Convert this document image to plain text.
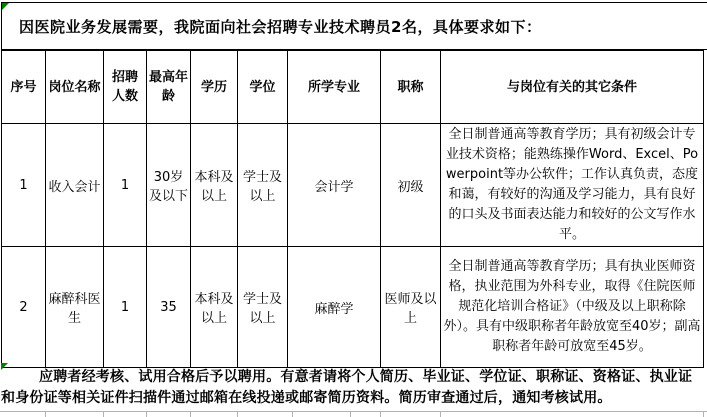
因医院业务发展需要，我院面向社会招聘专业技术聘员2名，具体要求如下：
序号	岗位名称	招聘人数	最高年龄	学历	学位	所学专业	职称	与岗位有关的其它条件
1	收入会计	1	30岁及以下	本科及以上	学士及以上	会计学	初级	全日制普通高等教育学历；具有初级会计专业技术资格；能熟练操作Word、Excel、Powerpoint等办公软件；工作认真负责，态度和蔼，有较好的沟通及学习能力，具有良好的口头及书面表达能力和较好的公文写作水平。
2	麻醉科医生	1	35	本科及以上	学士及以上	麻醉学	医师及以上	全日制普通高等教育学历；具有执业医师资格，执业范围为外科专业，取得《住院医师规范化培训合格证》（中级及以上职称除外）。具有中级职称者年龄放宽至40岁；副高职称者年龄可放宽至45岁。

应聘者经考核、试用合格后予以聘用。有意者请将个人简历、毕业证、学位证、职称证、资格证、执业证和身份证等相关证件扫描件通过邮箱在线投递或邮寄简历资料。简历审查通过后，通知考核试用。
